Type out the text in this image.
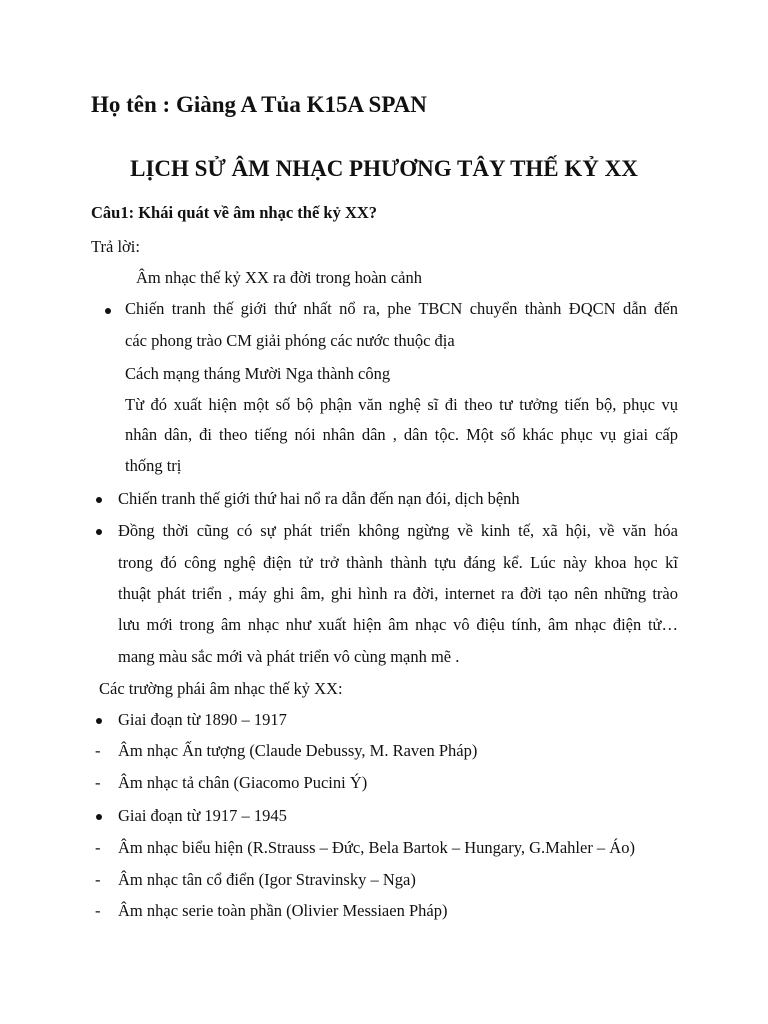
Họ tên : Giàng A Tủa K15A SPAN
LỊCH SỬ ÂM NHẠC PHƯƠNG TÂY THẾ KỶ XX
Câu1: Khái quát về âm nhạc thế kỷ XX?
Trả lời:
Âm nhạc thế kỷ XX ra đời trong hoàn cảnh
Chiến tranh thế giới thứ nhất nổ ra, phe TBCN chuyển thành ĐQCN dẫn đến
các phong trào CM giải phóng các nước thuộc địa
Cách mạng tháng Mười Nga thành công
Từ đó xuất hiện một số bộ phận văn nghệ sĩ đi theo tư tưởng tiến bộ, phục vụ
nhân dân, đi theo tiếng nói nhân dân , dân tộc. Một số khác phục vụ giai cấp
thống trị
Chiến tranh thế giới thứ hai nổ ra dẫn đến nạn đói, dịch bệnh
Đồng thời cũng có sự phát triển không ngừng về kinh tế, xã hội, về văn hóa
trong đó công nghệ điện tử trở thành thành tựu đáng kể. Lúc này khoa học kĩ
thuật phát triển , máy ghi âm, ghi hình ra đời, internet ra đời tạo nên những trào
lưu mới trong âm nhạc như xuất hiện âm nhạc vô điệu tính, âm nhạc điện tử…
mang màu sắc mới và phát triển vô cùng mạnh mẽ .
Các trường phái âm nhạc thế kỷ XX:
Giai đoạn từ 1890 – 1917
- Âm nhạc Ấn tượng (Claude Debussy, M. Raven Pháp)
- Âm nhạc tả chân (Giacomo Pucini Ý)
Giai đoạn từ 1917 – 1945
- Âm nhạc biểu hiện (R.Strauss – Đức, Bela Bartok – Hungary, G.Mahler – Áo)
- Âm nhạc tân cổ điển (Igor Stravinsky – Nga)
- Âm nhạc serie toàn phần (Olivier Messiaen Pháp)
